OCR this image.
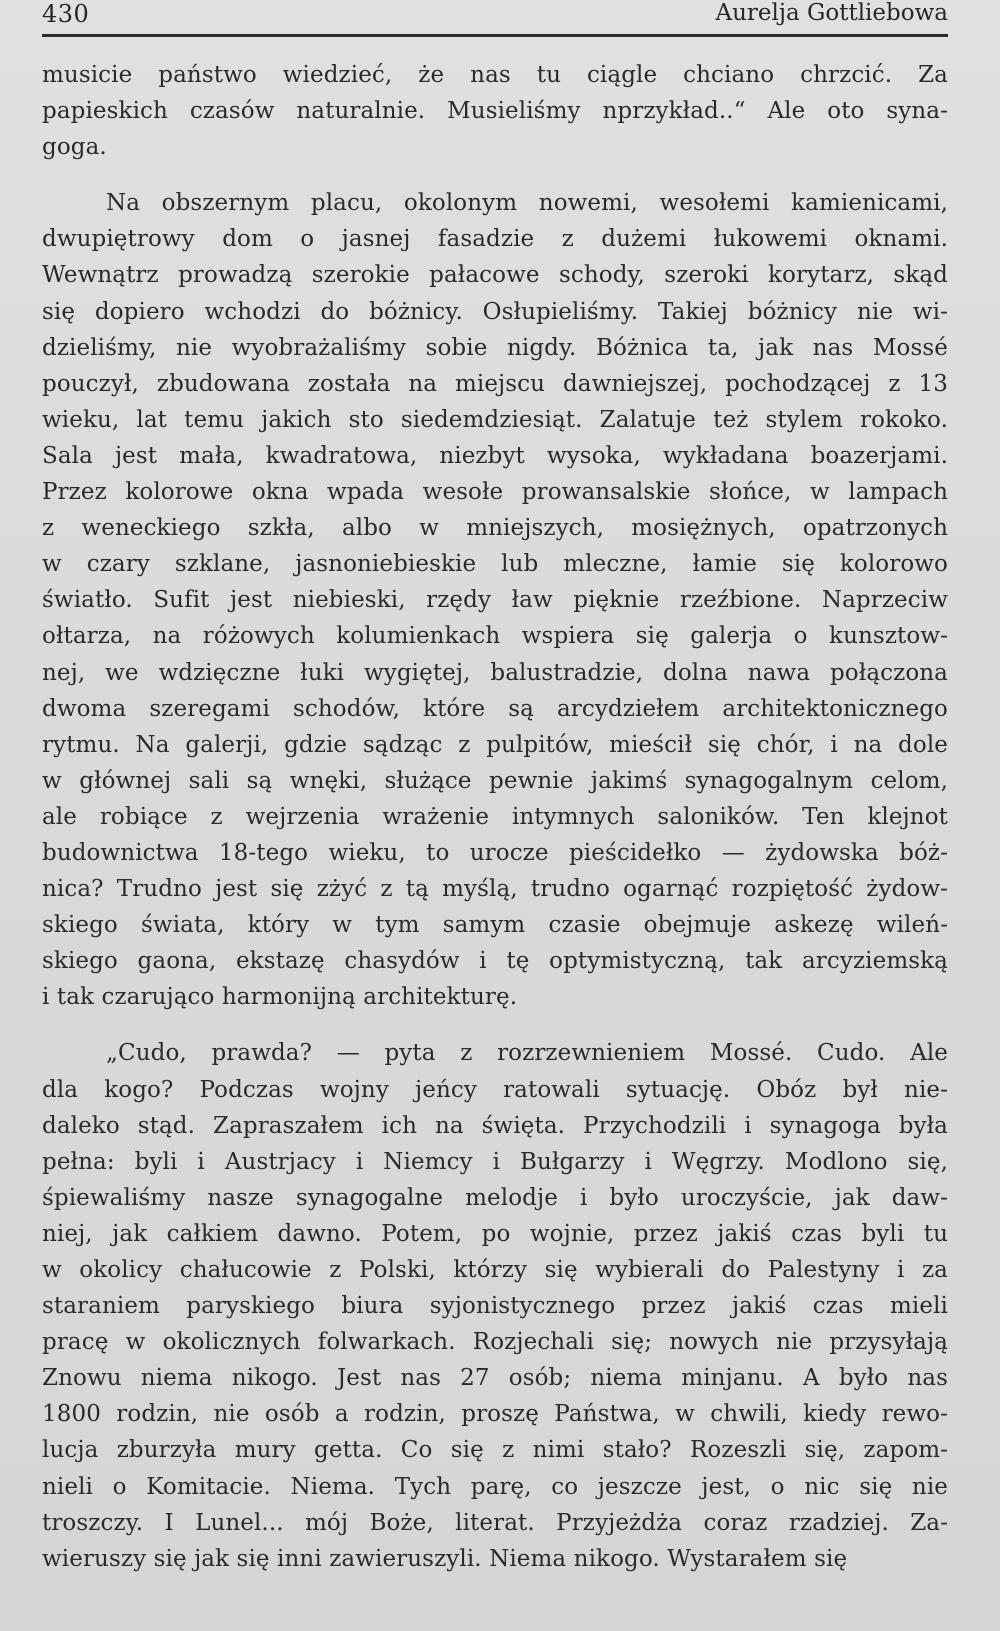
430	Aurelja Gottliebowa
musicie państwo wiedzieć, że nas tu ciągle chciano chrzcić. Za
papieskich czasów naturalnie. Musieliśmy nprzykład..“ Ale oto syna-
goga.
Na obszernym placu, okolonym nowemi, wesołemi kamienicami,
dwupiętrowy dom o jasnej fasadzie z dużemi łukowemi oknami.
Wewnątrz prowadzą szerokie pałacowe schody, szeroki korytarz, skąd
się dopiero wchodzi do bóżnicy. Osłupieliśmy. Takiej bóżnicy nie wi-
dzieliśmy, nie wyobrażaliśmy sobie nigdy. Bóżnica ta, jak nas Mossé
pouczył, zbudowana została na miejscu dawniejszej, pochodzącej z 13
wieku, lat temu jakich sto siedemdziesiąt. Zalatuje też stylem rokoko.
Sala jest mała, kwadratowa, niezbyt wysoka, wykładana boazerjami.
Przez kolorowe okna wpada wesołe prowansalskie słońce, w lampach
z weneckiego szkła, albo w mniejszych, mosiężnych, opatrzonych
w czary szklane, jasnoniebieskie lub mleczne, łamie się kolorowo
światło. Sufit jest niebieski, rzędy ław pięknie rzeźbione. Naprzeciw
ołtarza, na różowych kolumienkach wspiera się galerja o kunsztow-
nej, we wdzięczne łuki wygiętej, balustradzie, dolna nawa połączona
dwoma szeregami schodów, które są arcydziełem architektonicznego
rytmu. Na galerji, gdzie sądząc z pulpitów, mieścił się chór, i na dole
w głównej sali są wnęki, służące pewnie jakimś synagogalnym celom,
ale robiące z wejrzenia wrażenie intymnych saloników. Ten klejnot
budownictwa 18-tego wieku, to urocze pieścidełko — żydowska bóż-
nica? Trudno jest się zżyć z tą myślą, trudno ogarnąć rozpiętość żydow-
skiego świata, który w tym samym czasie obejmuje askezę wileń-
skiego gaona, ekstazę chasydów i tę optymistyczną, tak arcyziemską
i tak czarująco harmonijną architekturę.
„Cudo, prawda? — pyta z rozrzewnieniem Mossé. Cudo. Ale
dla kogo? Podczas wojny jeńcy ratowali sytuację. Obóz był nie-
daleko stąd. Zapraszałem ich na święta. Przychodzili i synagoga była
pełna: byli i Austrjacy i Niemcy i Bułgarzy i Węgrzy. Modlono się,
śpiewaliśmy nasze synagogalne melodje i było uroczyście, jak daw-
niej, jak całkiem dawno. Potem, po wojnie, przez jakiś czas byli tu
w okolicy chałucowie z Polski, którzy się wybierali do Palestyny i za
staraniem paryskiego biura syjonistycznego przez jakiś czas mieli
pracę w okolicznych folwarkach. Rozjechali się; nowych nie przysyłają
Znowu niema nikogo. Jest nas 27 osób; niema minjanu. A było nas
1800 rodzin, nie osób a rodzin, proszę Państwa, w chwili, kiedy rewo-
lucja zburzyła mury getta. Co się z nimi stało? Rozeszli się, zapom-
nieli o Komitacie. Niema. Tych parę, co jeszcze jest, o nic się nie
troszczy. I Lunel... mój Boże, literat. Przyjeżdża coraz rzadziej. Za-
wieruszy się jak się inni zawieruszyli. Niema nikogo. Wystarałem się
